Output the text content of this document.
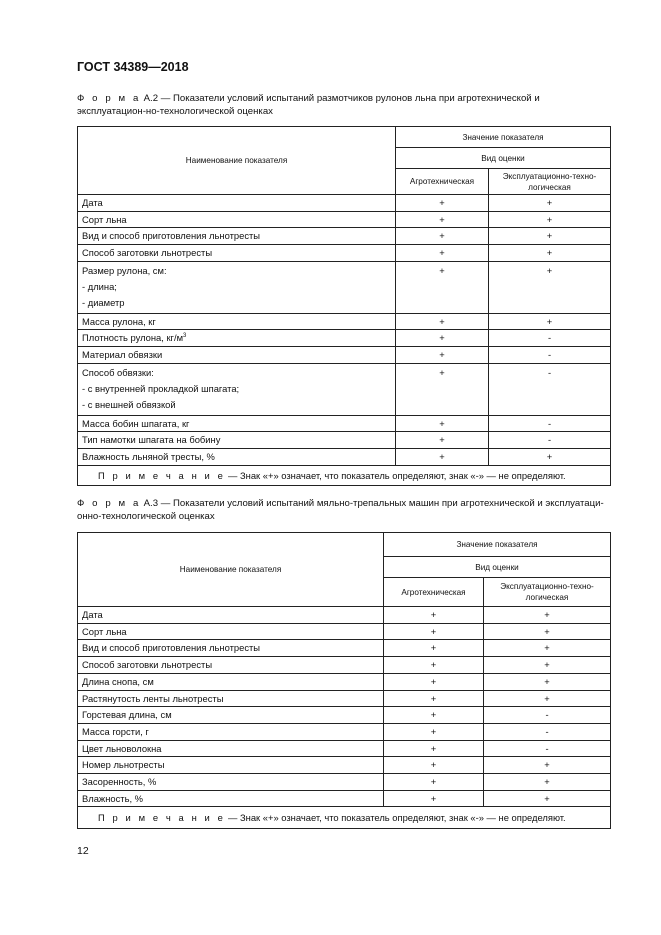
ГОСТ 34389—2018
Ф о р м а А.2 — Показатели условий испытаний размотчиков рулонов льна при агротехнической и эксплуатацион-но-технологической оценках
Наименование показателя	Значение показателя	
	Вид оценки	
	Агротехническая	Эксплуатационно-техно-логическая
Дата	+	+
Сорт льна	+	+
Вид и способ приготовления льнотресты	+	+
Способ заготовки льнотресты	+	+

Размер рулона, см:
- длина;
- диаметр	+	+
Масса рулона, кг	+	+
Плотность рулона, $кг/м^3$	+	-
Материал обвязки	+	-

Способ обвязки:
- с внутренней прокладкой шпагата;
- с внешней обвязкой	+	-
Масса бобин шпагата, кг	+	-
Тип намотки шпагата на бобину	+	-
Влажность льняной тресты, %	+	+
П р и м е ч а н и е — Знак «+» означает, что показатель определяют, знак «-» — не определяют.		
Ф о р м а А.3 — Показатели условий испытаний мяльно-трепальных машин при агротехнической и эксплуатаци-онно-технологической оценках
Наименование показателя	Значение показателя	
	Вид оценки	
	Агротехническая	Эксплуатационно-техно-логическая
Дата	+	+
Сорт льна	+	+
Вид и способ приготовления льнотресты	+	+
Способ заготовки льнотресты	+	+
Длина снопа, см	+	+
Растянутость ленты льнотресты	+	+
Горстевая длина, см	+	-
Масса горсти, г	+	-
Цвет льноволокна	+	-
Номер льнотресты	+	+
Засоренность, %	+	+
Влажность, %	+	+
П р и м е ч а н и е — Знак «+» означает, что показатель определяют, знак «-» — не определяют.		
12
